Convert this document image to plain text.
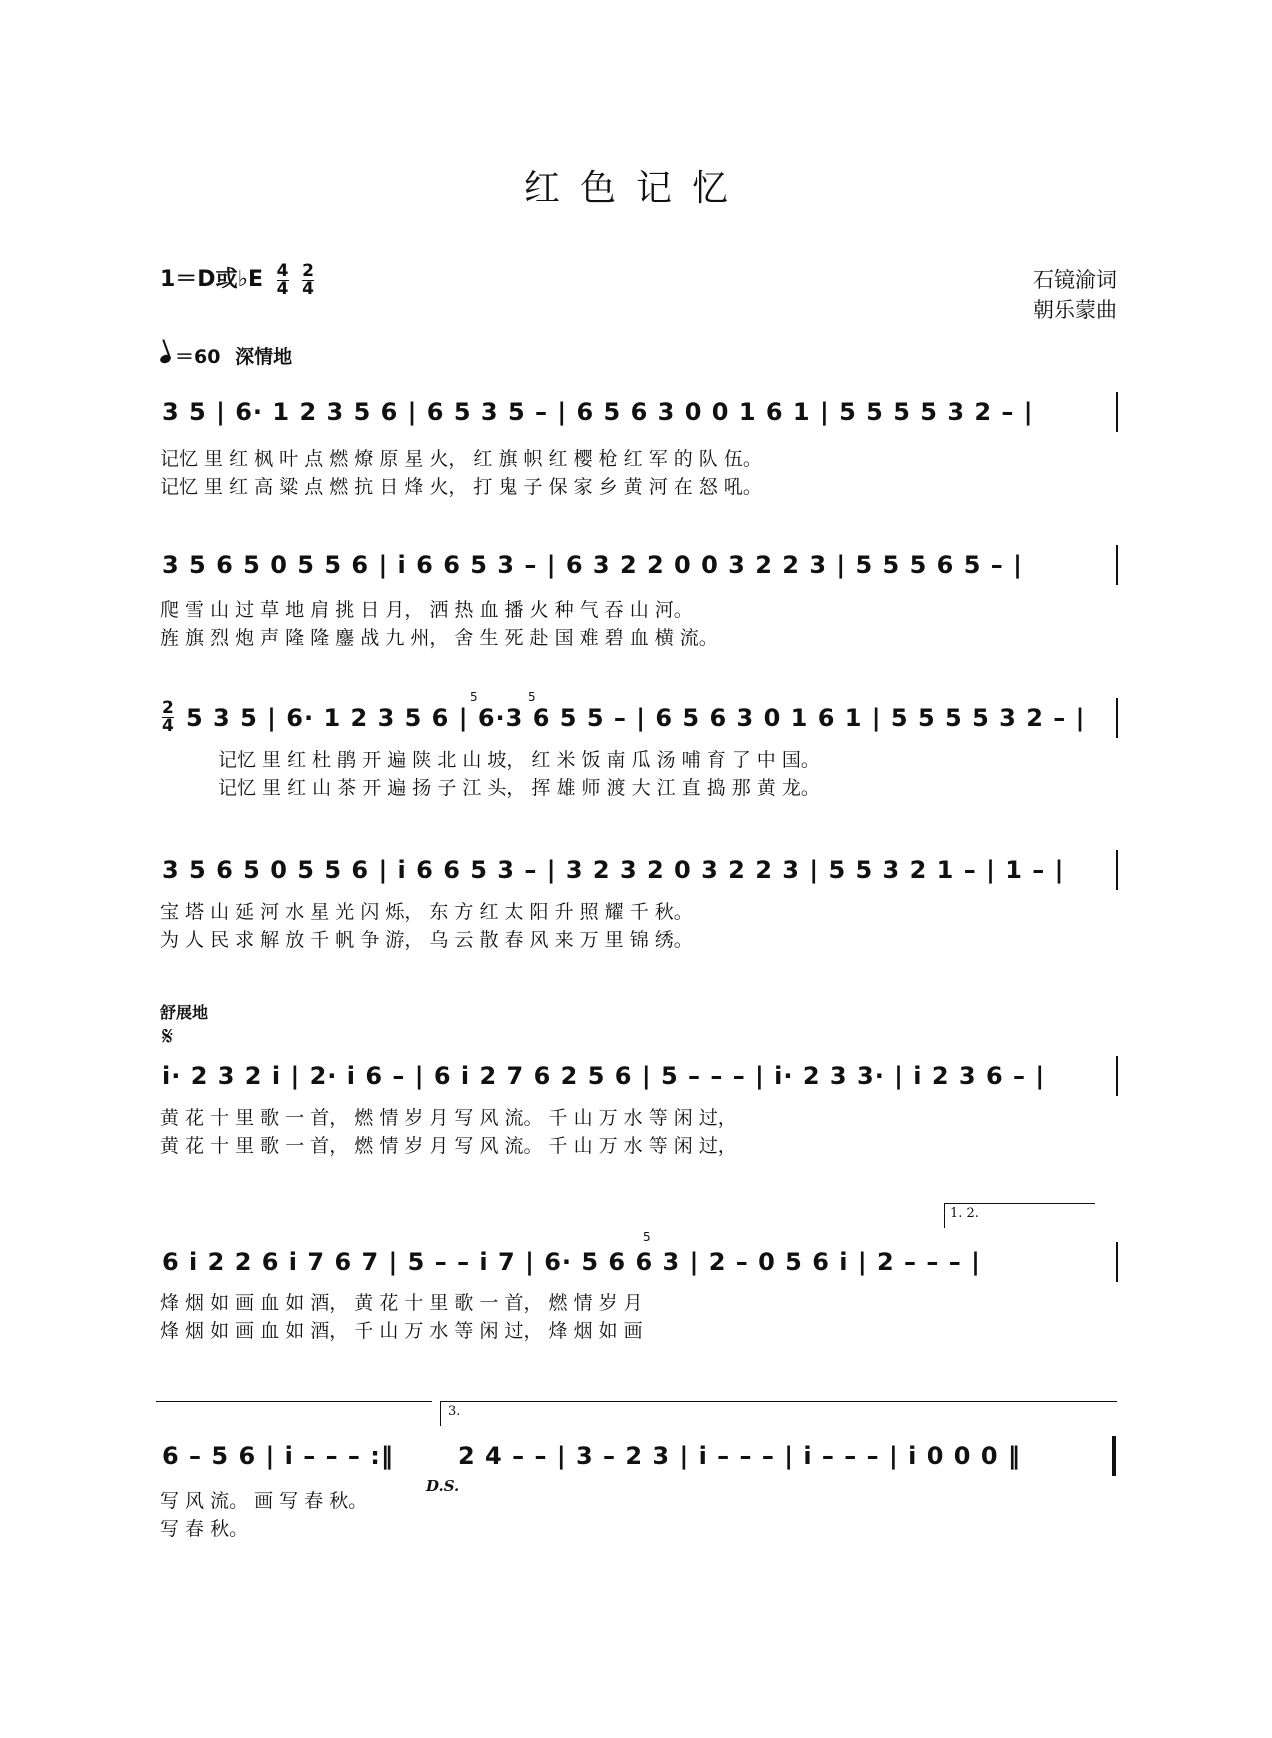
红色记忆
1＝D或♭E $\frac{4}{4}$
$\frac{2}{4}$	石镜渝词
朝乐蒙曲
＝60 深情地
3 5 | 6· 1 2 3 5 6 | 6 5 3 5 – | 6 5 6 3 0 0 1 6 1 | 5 5 5 5 3 2 – |
记忆 里 红 枫 叶 点 燃 燎 原 星 火， 红 旗 帜 红 樱 枪 红 军 的 队 伍。
记忆 里 红 高 粱 点 燃 抗 日 烽 火， 打 鬼 子 保 家 乡 黄 河 在 怒 吼。
3 5 6 5 0 5 5 6 | i 6 6 5 3 – | 6 3 2 2 0 0 3 2 2 3 | 5 5 5 6 5 – |
爬 雪 山 过 草 地 肩 挑 日 月， 洒 热 血 播 火 种 气 吞 山 河。
旌 旗 烈 炮 声 隆 隆 鏖 战 九 州， 舍 生 死 赴 国 难 碧 血 横 流。
$\frac{2}{4} 5$ 3 5 | 6· 1 2 3 5 6 | 6·3 6 5 5 – | 6 5 6 3 0 1 6 1 | 5 5 5 5 3 2 – |
5	5
记忆 里 红 杜 鹃 开 遍 陕 北 山 坡， 红 米 饭 南 瓜 汤 哺 育 了 中 国。
记忆 里 红 山 茶 开 遍 扬 子 江 头， 挥 雄 师 渡 大 江 直 捣 那 黄 龙。
3 5 6 5 0 5 5 6 | i 6 6 5 3 – | 3 2 3 2 0 3 2 2 3 | 5 5 3 2 1 – | 1 – |
宝 塔 山 延 河 水 星 光 闪 烁， 东 方 红 太 阳 升 照 耀 千 秋。
为 人 民 求 解 放 千 帆 争 游， 乌 云 散 春 风 来 万 里 锦 绣。
舒展地
𝄋
i· 2 3 2 i | 2· i 6 – | 6 i 2 7 6 2 5 6 | 5 – – – | i· 2 3 3· | i 2 3 6 – |
黄 花 十 里 歌 一 首， 燃 情 岁 月 写 风 流。 千 山 万 水 等 闲 过，
黄 花 十 里 歌 一 首， 燃 情 岁 月 写 风 流。 千 山 万 水 等 闲 过，
1. 2.
6 i 2 2 6 i 7 6 7 | 5 – – i 7 | 6· 5 6 6 3 | 2 – 0 5 6 i | 2 – – – |
5
烽 烟 如 画 血 如 酒， 黄 花 十 里 歌 一 首， 燃 情 岁 月
烽 烟 如 画 血 如 酒， 千 山 万 水 等 闲 过， 烽 烟 如 画
3.
6 – 5 6 | i – – – :‖	2 4 – – | 3 – 2 3 | i – – – | i – – – | i 0 0 0 ‖
D.S.
写 风 流。 画 写 春 秋。
写 春 秋。
